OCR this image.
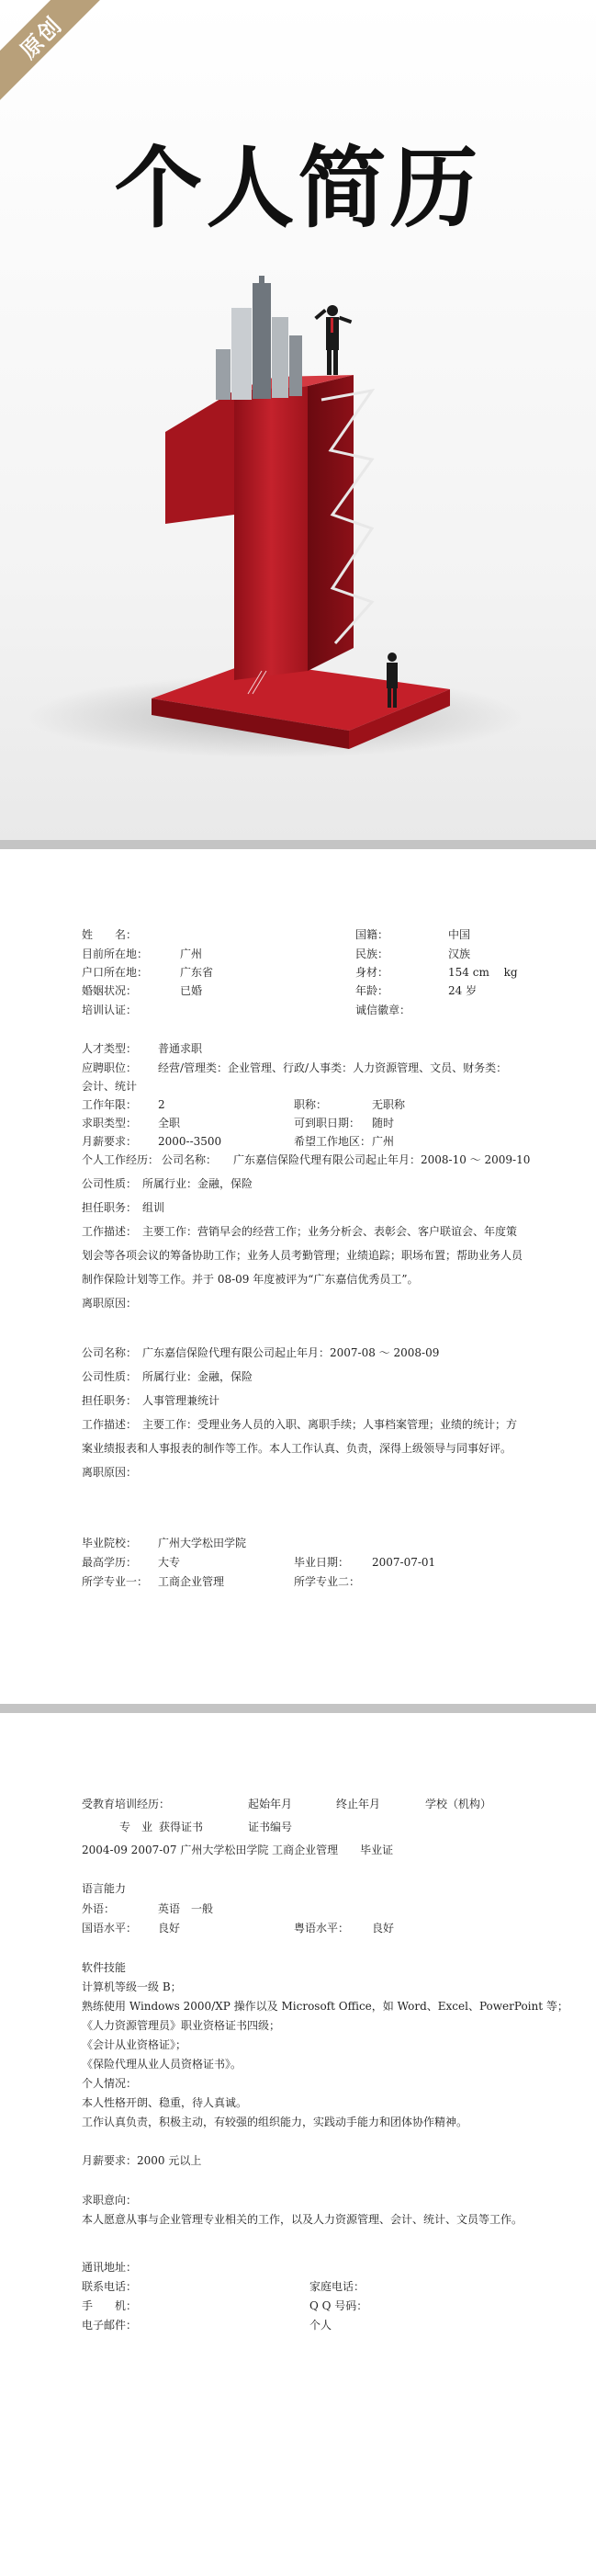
原创
个人简历
姓　　名：	国籍：	中国
目前所在地：	广州	民族：	汉族
户口所在地：	广东省	身材：	154 cm　 kg
婚姻状况：	已婚	年龄：	24 岁
培训认证：	诚信徽章：
人才类型： 普通求职
应聘职位： 经营/管理类：企业管理、行政/人事类：人力资源管理、文员、财务类：
会计、统计
工作年限： 2	职称：	无职称
求职类型： 全职	可到职日期： 随时
月薪要求： 2000--3500	希望工作地区： 广州
个人工作经历： 公司名称：　　广东嘉信保险代理有限公司起止年月：2008-10 ～ 2009-10
公司性质：　所属行业：金融，保险
担任职务：　组训
工作描述：　主要工作：营销早会的经营工作；业务分析会、表彰会、客户联谊会、年度策
划会等各项会议的筹备协助工作；业务人员考勤管理；业绩追踪；职场布置；帮助业务人员
制作保险计划等工作。并于 08-09 年度被评为“广东嘉信优秀员工”。
离职原因：
公司名称：　广东嘉信保险代理有限公司起止年月：2007-08 ～ 2008-09
公司性质：　所属行业：金融，保险
担任职务：　人事管理兼统计
工作描述：　主要工作：受理业务人员的入职、离职手续；人事档案管理；业绩的统计；方
案业绩报表和人事报表的制作等工作。本人工作认真、负责，深得上级领导与同事好评。
离职原因：
毕业院校： 广州大学松田学院
最高学历： 大专	毕业日期： 2007-07-01
所学专业一： 工商企业管理	所学专业二：
受教育培训经历：	起始年月	终止年月	学校（机构）
专　业 获得证书	证书编号
2004-09 2007-07 广州大学松田学院 工商企业管理　　毕业证
语言能力
外语：	英语　一般
国语水平： 良好	粤语水平： 良好
软件技能
计算机等级一级 B；
熟练使用 Windows 2000/XP 操作以及 Microsoft Office，如 Word、Excel、PowerPoint 等；
《人力资源管理员》职业资格证书四级；
《会计从业资格证》；
《保险代理从业人员资格证书》。
个人情况：
本人性格开朗、稳重，待人真诚。
工作认真负责，积极主动，有较强的组织能力，实践动手能力和团体协作精神。
月薪要求：2000 元以上
求职意向：
本人愿意从事与企业管理专业相关的工作，以及人力资源管理、会计、统计、文员等工作。
通讯地址：
联系电话：	家庭电话：
手　　机：	Q Q 号码：
电子邮件：	个人
